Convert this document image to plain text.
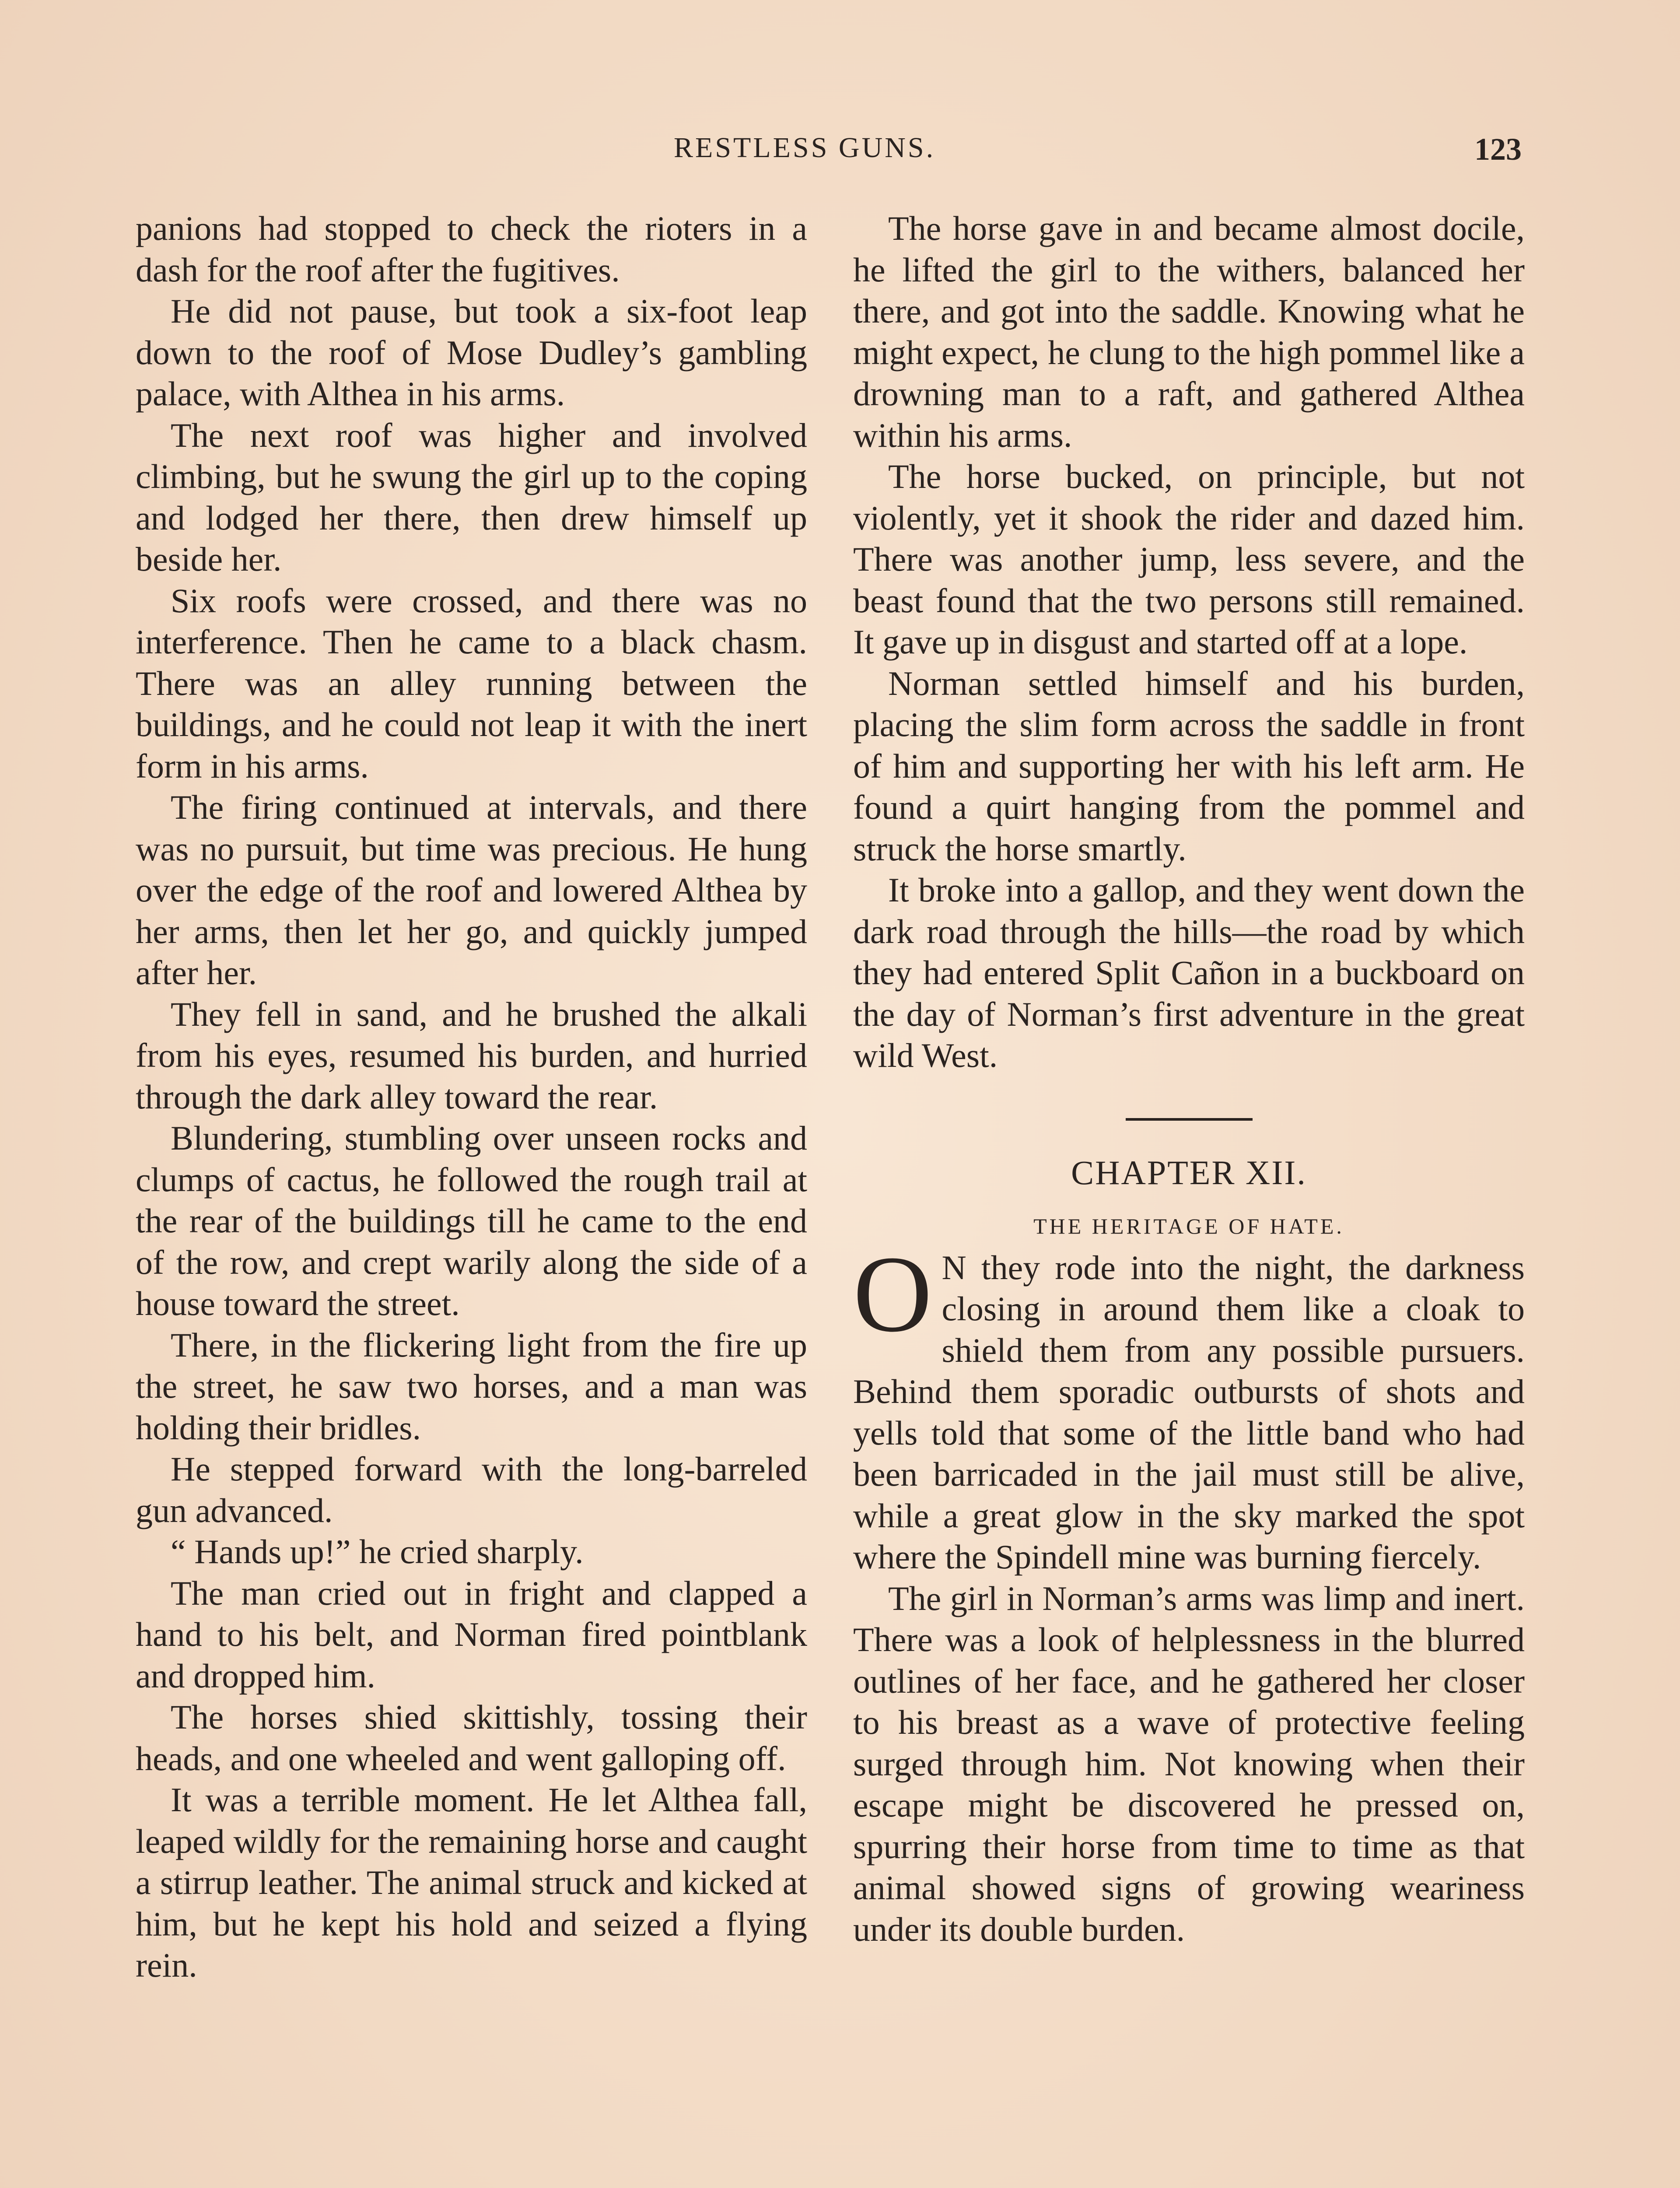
RESTLESS GUNS.	123

panions had stopped to check the rioters in a dash for the roof after the fugitives.

He did not pause, but took a six-foot leap down to the roof of Mose Dudley’s gambling palace, with Althea in his arms.

The next roof was higher and involved climbing, but he swung the girl up to the coping and lodged her there, then drew himself up beside her.

Six roofs were crossed, and there was no interference. Then he came to a black chasm. There was an alley running between the buildings, and he could not leap it with the inert form in his arms.

The firing continued at intervals, and there was no pursuit, but time was precious. He hung over the edge of the roof and lowered Althea by her arms, then let her go, and quickly jumped after her.

They fell in sand, and he brushed the alkali from his eyes, resumed his burden, and hurried through the dark alley toward the rear.

Blundering, stumbling over unseen rocks and clumps of cactus, he followed the rough trail at the rear of the buildings till he came to the end of the row, and crept warily along the side of a house toward the street.

There, in the flickering light from the fire up the street, he saw two horses, and a man was holding their bridles.

He stepped forward with the long-barreled gun advanced.

“ Hands up!” he cried sharply.

The man cried out in fright and clapped a hand to his belt, and Norman fired pointblank and dropped him.

The horses shied skittishly, tossing their heads, and one wheeled and went galloping off.

It was a terrible moment. He let Althea fall, leaped wildly for the remaining horse and caught a stirrup leather. The animal struck and kicked at him, but he kept his hold and seized a flying rein.

The horse gave in and became almost docile, he lifted the girl to the withers, balanced her there, and got into the saddle. Knowing what he might expect, he clung to the high pommel like a drowning man to a raft, and gathered Althea within his arms.

The horse bucked, on principle, but not violently, yet it shook the rider and dazed him. There was another jump, less severe, and the beast found that the two persons still remained. It gave up in disgust and started off at a lope.

Norman settled himself and his burden, placing the slim form across the saddle in front of him and supporting her with his left arm. He found a quirt hanging from the pommel and struck the horse smartly.

It broke into a gallop, and they went down the dark road through the hills—the road by which they had entered Split Cañon in a buckboard on the day of Norman’s first adventure in the great wild West.

CHAPTER XII.
THE HERITAGE OF HATE.

O N they rode into the night, the darkness closing in around them like a cloak to shield them from any possible pursuers. Behind them sporadic outbursts of shots and yells told that some of the little band who had been barricaded in the jail must still be alive, while a great glow in the sky marked the spot where the Spindell mine was burning fiercely.

The girl in Norman’s arms was limp and inert. There was a look of helplessness in the blurred outlines of her face, and he gathered her closer to his breast as a wave of protective feeling surged through him. Not knowing when their escape might be discovered he pressed on, spurring their horse from time to time as that animal showed signs of growing weariness under its double burden.
